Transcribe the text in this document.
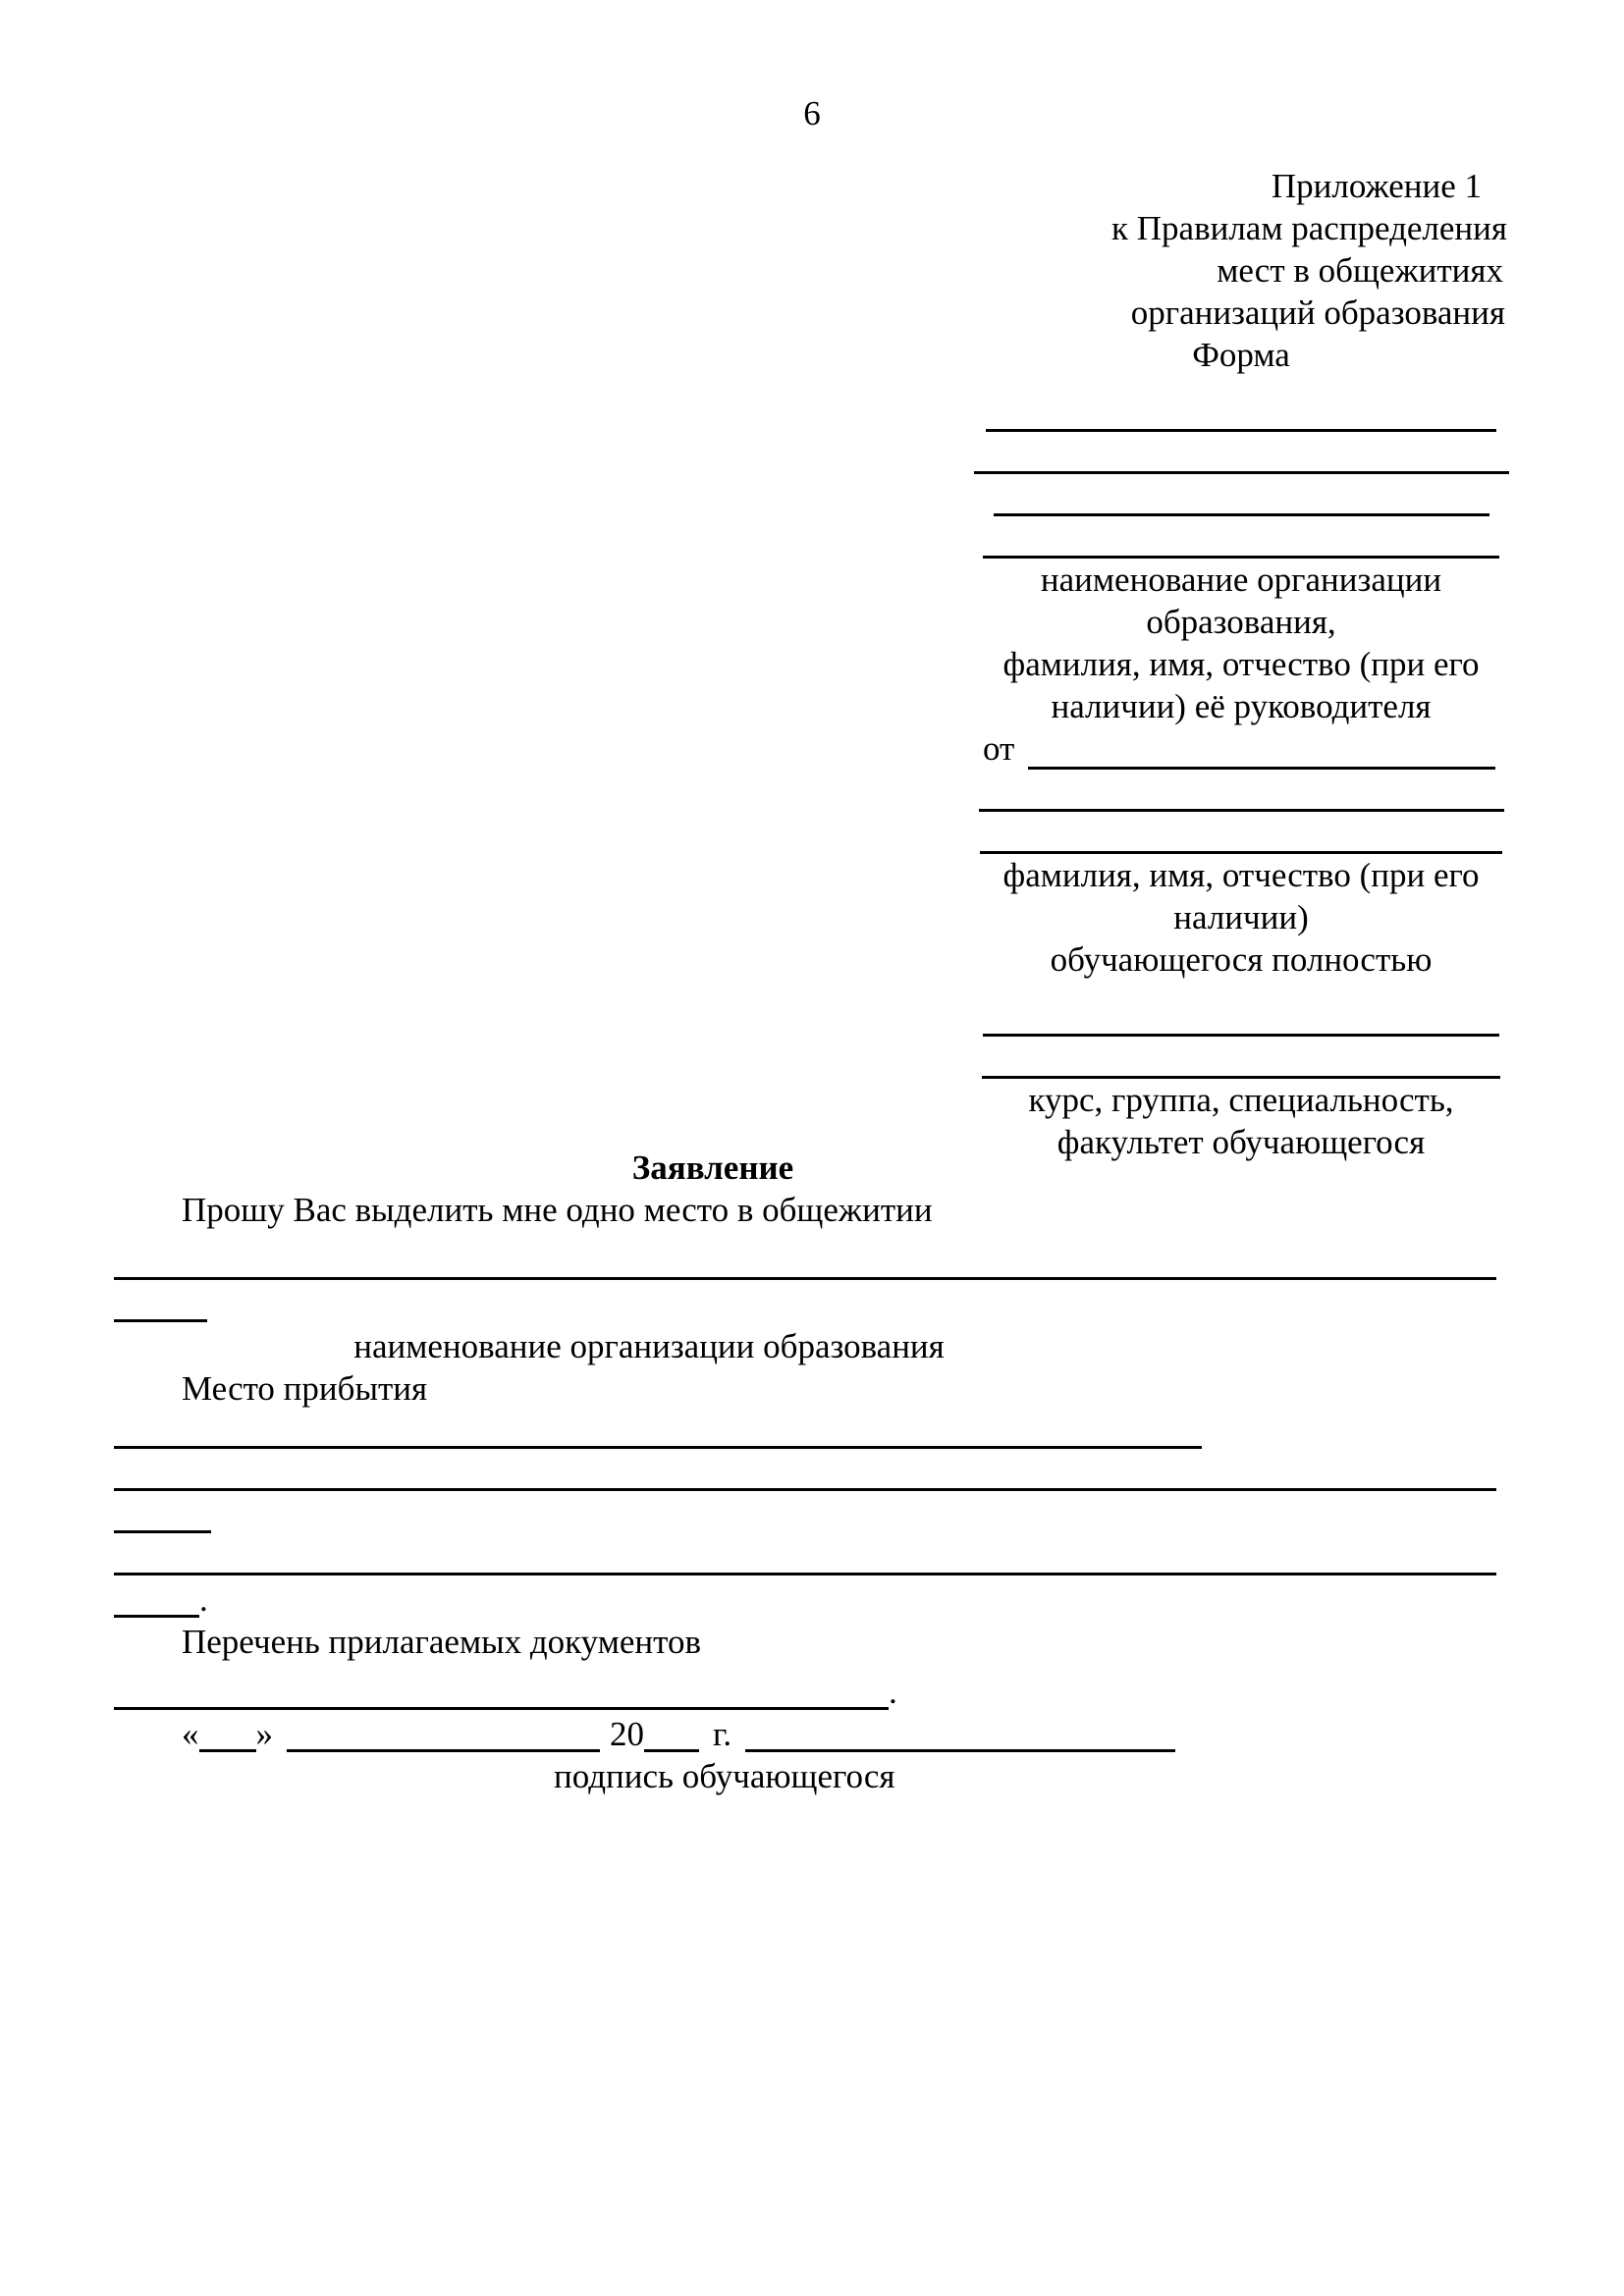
6
Приложение 1
к Правилам распределения
мест в общежитиях
организаций образования
Форма
наименование организации
образования,
фамилия, имя, отчество (при его
наличии) её руководителя
от
фамилия, имя, отчество (при его
наличии)
обучающегося полностью
курс, группа, специальность,
факультет обучающегося
Заявление
Прошу Вас выделить мне одно место в общежитии
наименование организации образования
Место прибытия
.
Перечень прилагаемых документов
.
« »	20 г.
подпись обучающегося
